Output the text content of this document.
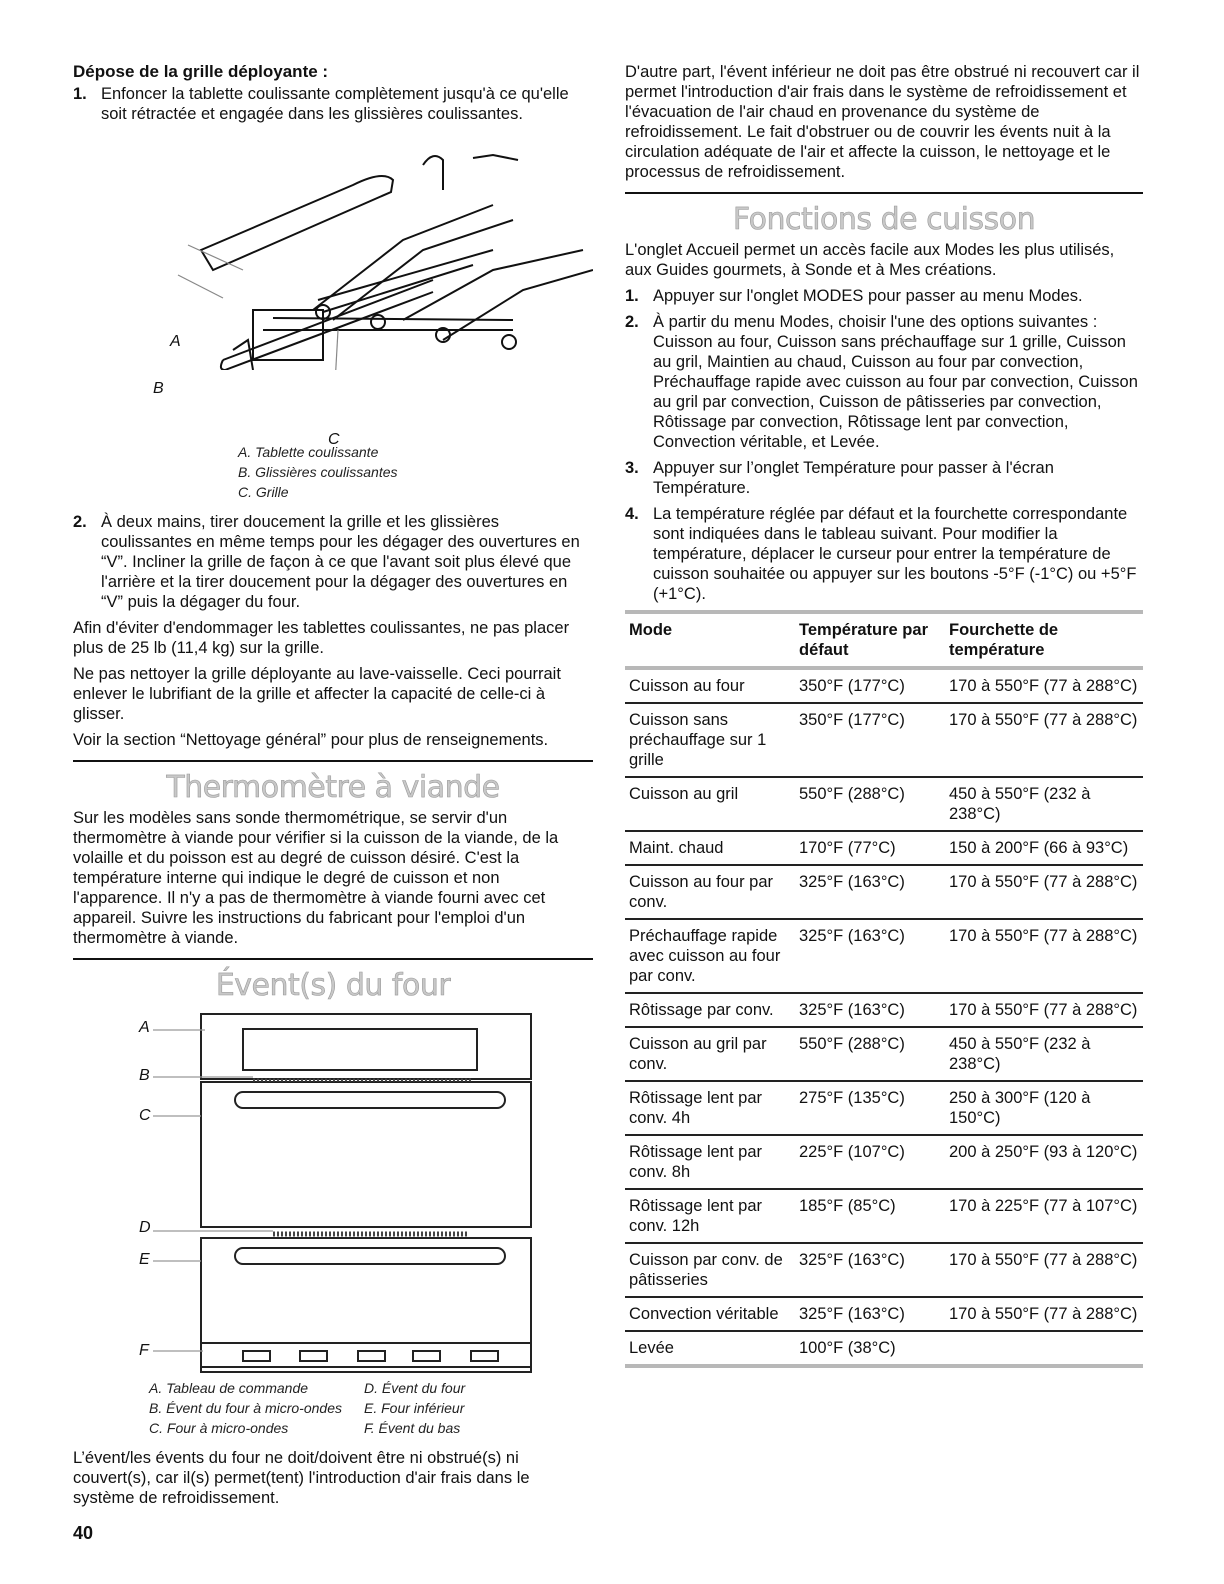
Dépose de la grille déployante :

1. Enfoncer la tablette coulissante complètement jusqu'à ce qu'elle soit rétractée et engagée dans les glissières coulissantes.
A
B
C
A. Tablette coulissante
B. Glissières coulissantes
C. Grille
2. À deux mains, tirer doucement la grille et les glissières coulissantes en même temps pour les dégager des ouvertures en “V”. Incliner la grille de façon à ce que l'avant soit plus élevé que l'arrière et la tirer doucement pour la dégager des ouvertures en “V” puis la dégager du four.

Afin d'éviter d'endommager les tablettes coulissantes, ne pas placer plus de 25 lb (11,4 kg) sur la grille.

Ne pas nettoyer la grille déployante au lave-vaisselle. Ceci pourrait enlever le lubrifiant de la grille et affecter la capacité de celle-ci à glisser.

Voir la section “Nettoyage général” pour plus de renseignements.

Thermomètre à viande

Sur les modèles sans sonde thermométrique, se servir d'un thermomètre à viande pour vérifier si la cuisson de la viande, de la volaille et du poisson est au degré de cuisson désiré. C'est la température interne qui indique le degré de cuisson et non l'apparence. Il n'y a pas de thermomètre à viande fourni avec cet appareil. Suivre les instructions du fabricant pour l'emploi d'un thermomètre à viande.

Évent(s) du four
A
B
C
D
E
F
A. Tableau de commande
B. Évent du four à micro-ondes
C. Four à micro-ondes
D. Évent du four
E. Four inférieur
F. Évent du bas

L’évent/les évents du four ne doit/doivent être ni obstrué(s) ni couvert(s), car il(s) permet(tent) l'introduction d'air frais dans le système de refroidissement.

D'autre part, l'évent inférieur ne doit pas être obstrué ni recouvert car il permet l'introduction d'air frais dans le système de refroidissement et l'évacuation de l'air chaud en provenance du système de refroidissement. Le fait d'obstruer ou de couvrir les évents nuit à la circulation adéquate de l'air et affecte la cuisson, le nettoyage et le processus de refroidissement.

Fonctions de cuisson

L'onglet Accueil permet un accès facile aux Modes les plus utilisés, aux Guides gourmets, à Sonde et à Mes créations.

1. Appuyer sur l'onglet MODES pour passer au menu Modes.
2. À partir du menu Modes, choisir l'une des options suivantes : Cuisson au four, Cuisson sans préchauffage sur 1 grille, Cuisson au gril, Maintien au chaud, Cuisson au four par convection, Préchauffage rapide avec cuisson au four par convection, Cuisson au gril par convection, Cuisson de pâtisseries par convection, Rôtissage par convection, Rôtissage lent par convection, Convection véritable, et Levée.
3. Appuyer sur l’onglet Température pour passer à l'écran Température.
4. La température réglée par défaut et la fourchette correspondante sont indiquées dans le tableau suivant. Pour modifier la température, déplacer le curseur pour entrer la température de cuisson souhaitée ou appuyer sur les boutons -5°F (-1°C) ou +5°F (+1°C).
Mode	Température par défaut	Fourchette de température
Cuisson au four	350°F (177°C)	170 à 550°F (77 à 288°C)
Cuisson sans préchauffage sur 1 grille	350°F (177°C)	170 à 550°F (77 à 288°C)
Cuisson au gril	550°F (288°C)	450 à 550°F (232 à 238°C)
Maint. chaud	170°F (77°C)	150 à 200°F (66 à 93°C)
Cuisson au four par conv.	325°F (163°C)	170 à 550°F (77 à 288°C)
Préchauffage rapide avec cuisson au four par conv.	325°F (163°C)	170 à 550°F (77 à 288°C)
Rôtissage par conv.	325°F (163°C)	170 à 550°F (77 à 288°C)
Cuisson au gril par conv.	550°F (288°C)	450 à 550°F (232 à 238°C)
Rôtissage lent par conv. 4h	275°F (135°C)	250 à 300°F (120 à 150°C)
Rôtissage lent par conv. 8h	225°F (107°C)	200 à 250°F (93 à 120°C)
Rôtissage lent par conv. 12h	185°F (85°C)	170 à 225°F (77 à 107°C)
Cuisson par conv. de pâtisseries	325°F (163°C)	170 à 550°F (77 à 288°C)
Convection véritable	325°F (163°C)	170 à 550°F (77 à 288°C)
Levée	100°F (38°C)	
40
